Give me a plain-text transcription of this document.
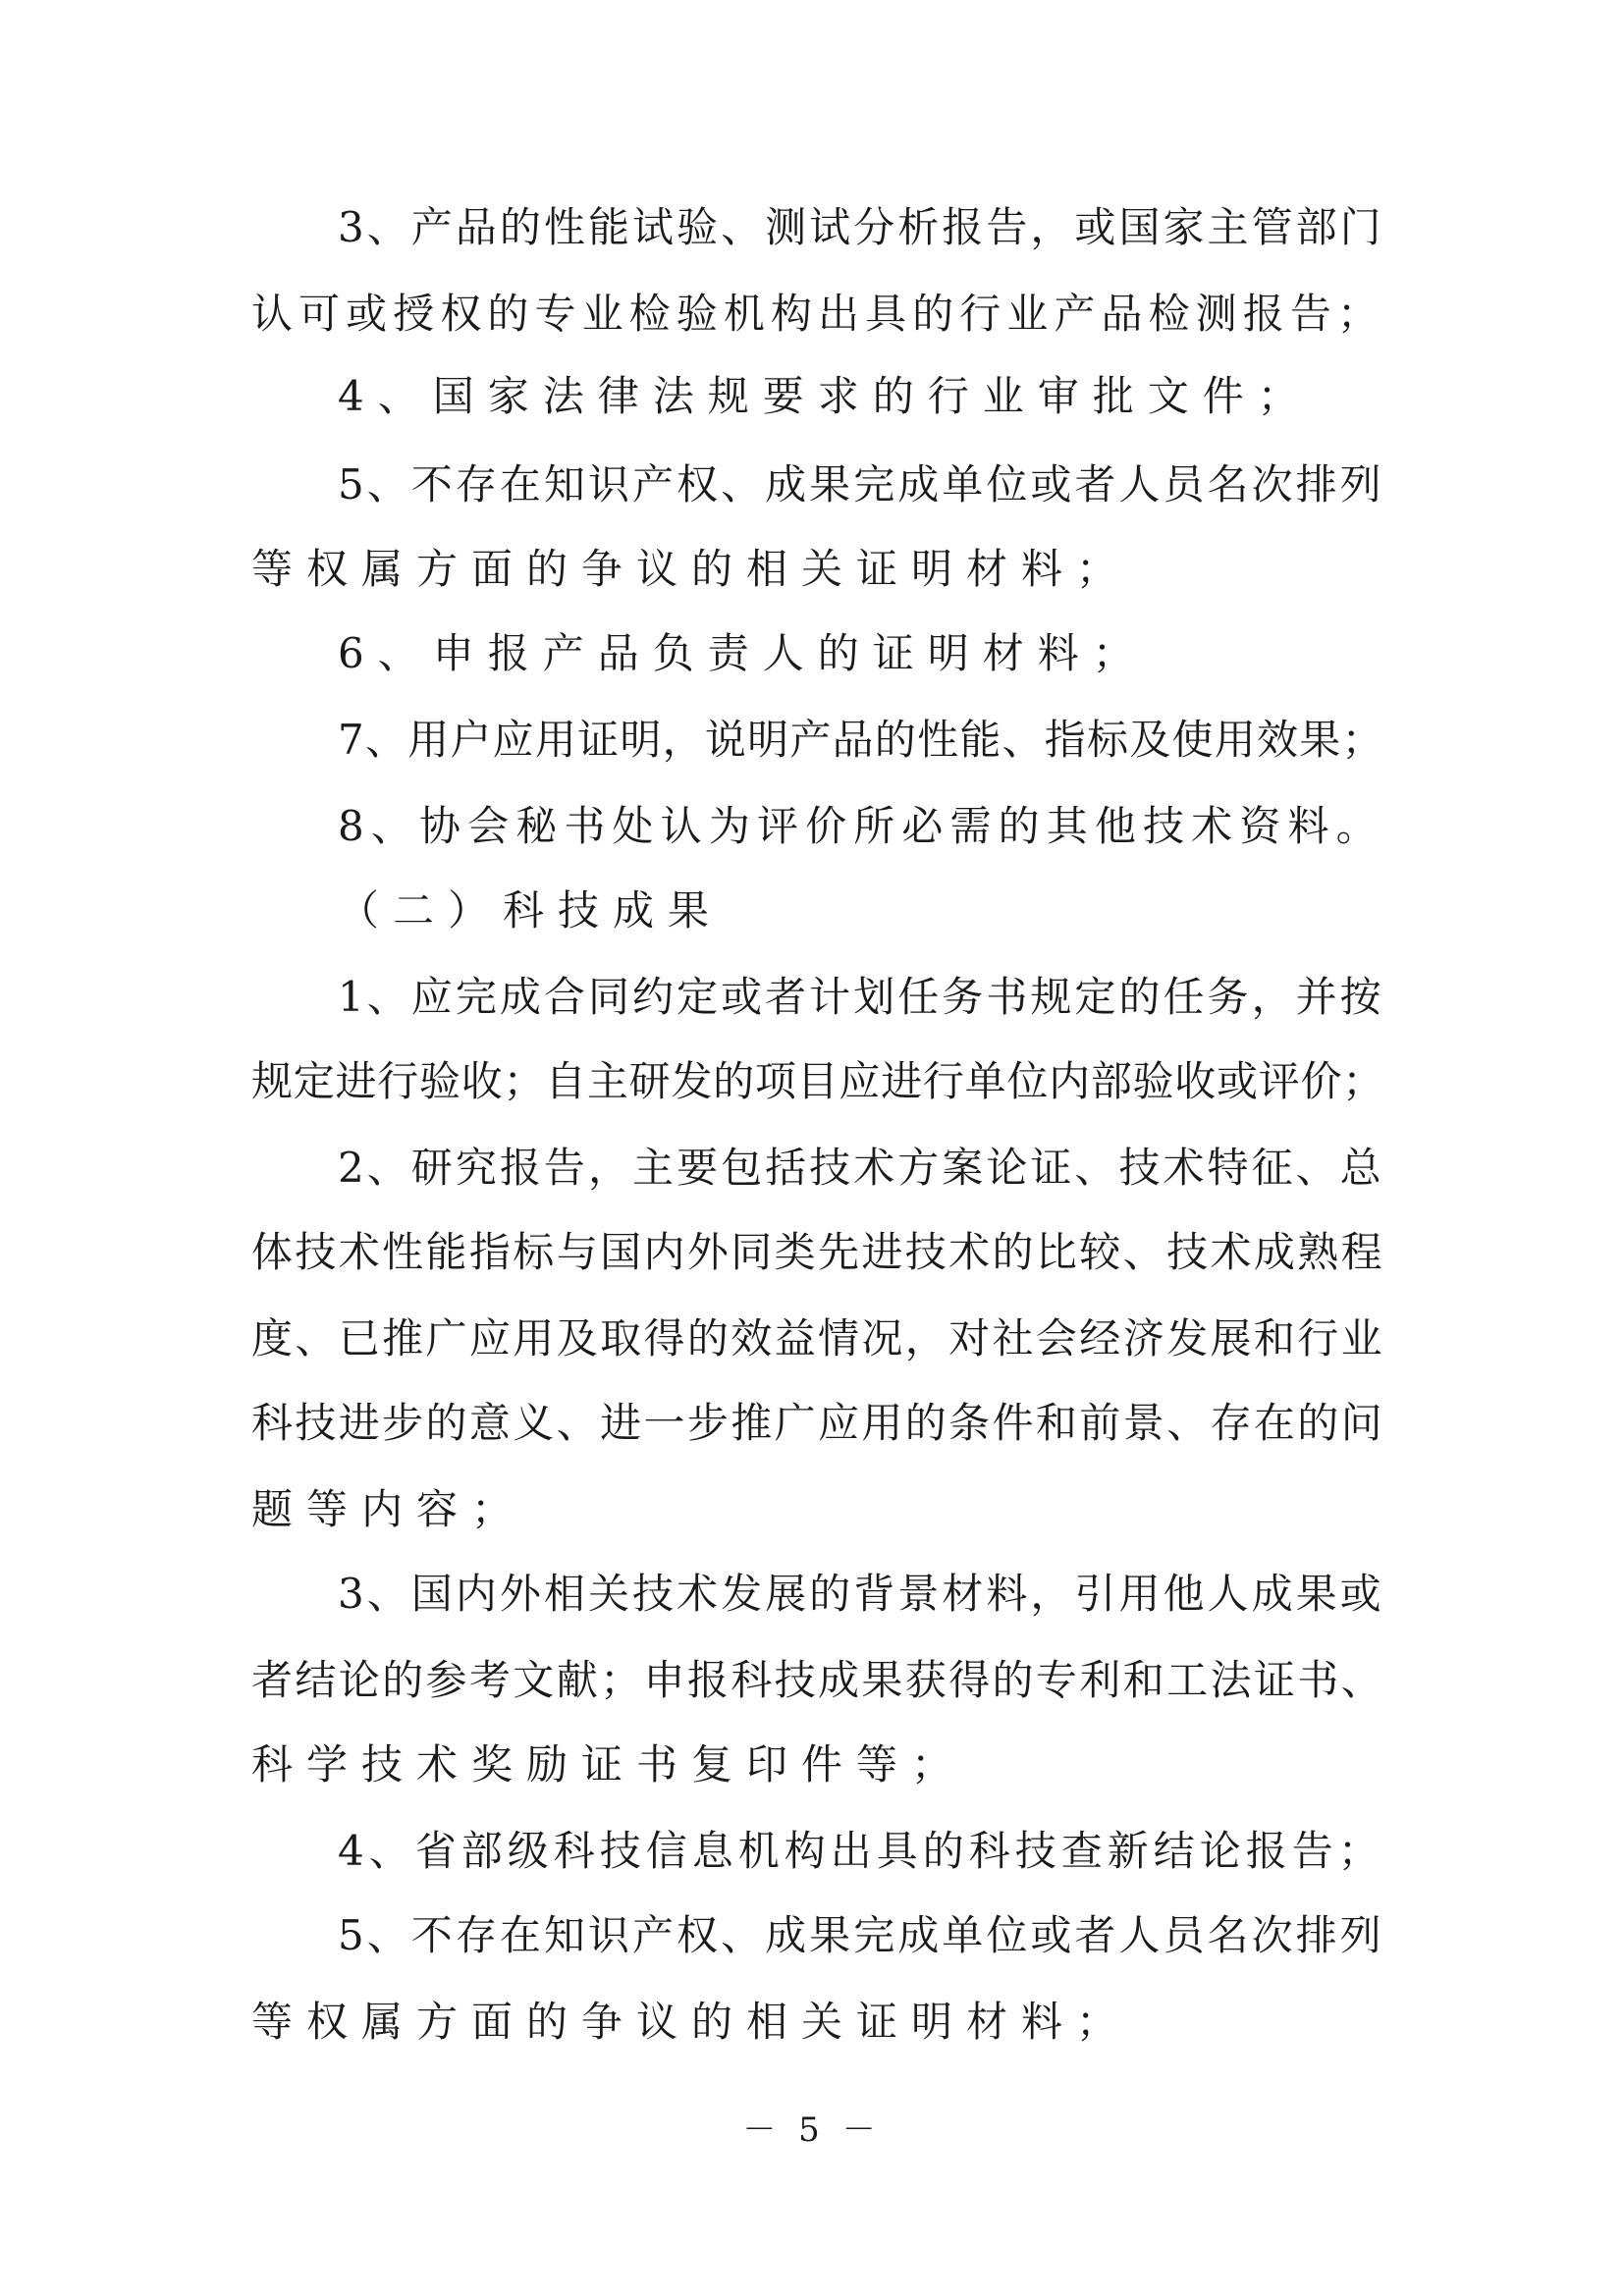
3、产品的性能试验、测试分析报告，或国家主管部门
认可或授权的专业检验机构出具的行业产品检测报告；
4、国家法律法规要求的行业审批文件；
5、不存在知识产权、成果完成单位或者人员名次排列
等权属方面的争议的相关证明材料；
6、申报产品负责人的证明材料；
7、用户应用证明，说明产品的性能、指标及使用效果；
8、协会秘书处认为评价所必需的其他技术资料。
（二）科技成果
1、应完成合同约定或者计划任务书规定的任务，并按
规定进行验收；自主研发的项目应进行单位内部验收或评价；
2、研究报告，主要包括技术方案论证、技术特征、总
体技术性能指标与国内外同类先进技术的比较、技术成熟程
度、已推广应用及取得的效益情况，对社会经济发展和行业
科技进步的意义、进一步推广应用的条件和前景、存在的问
题等内容；
3、国内外相关技术发展的背景材料，引用他人成果或
者结论的参考文献；申报科技成果获得的专利和工法证书、
科学技术奖励证书复印件等；
4、省部级科技信息机构出具的科技查新结论报告；
5、不存在知识产权、成果完成单位或者人员名次排列
等权属方面的争议的相关证明材料；
－ 5 －
